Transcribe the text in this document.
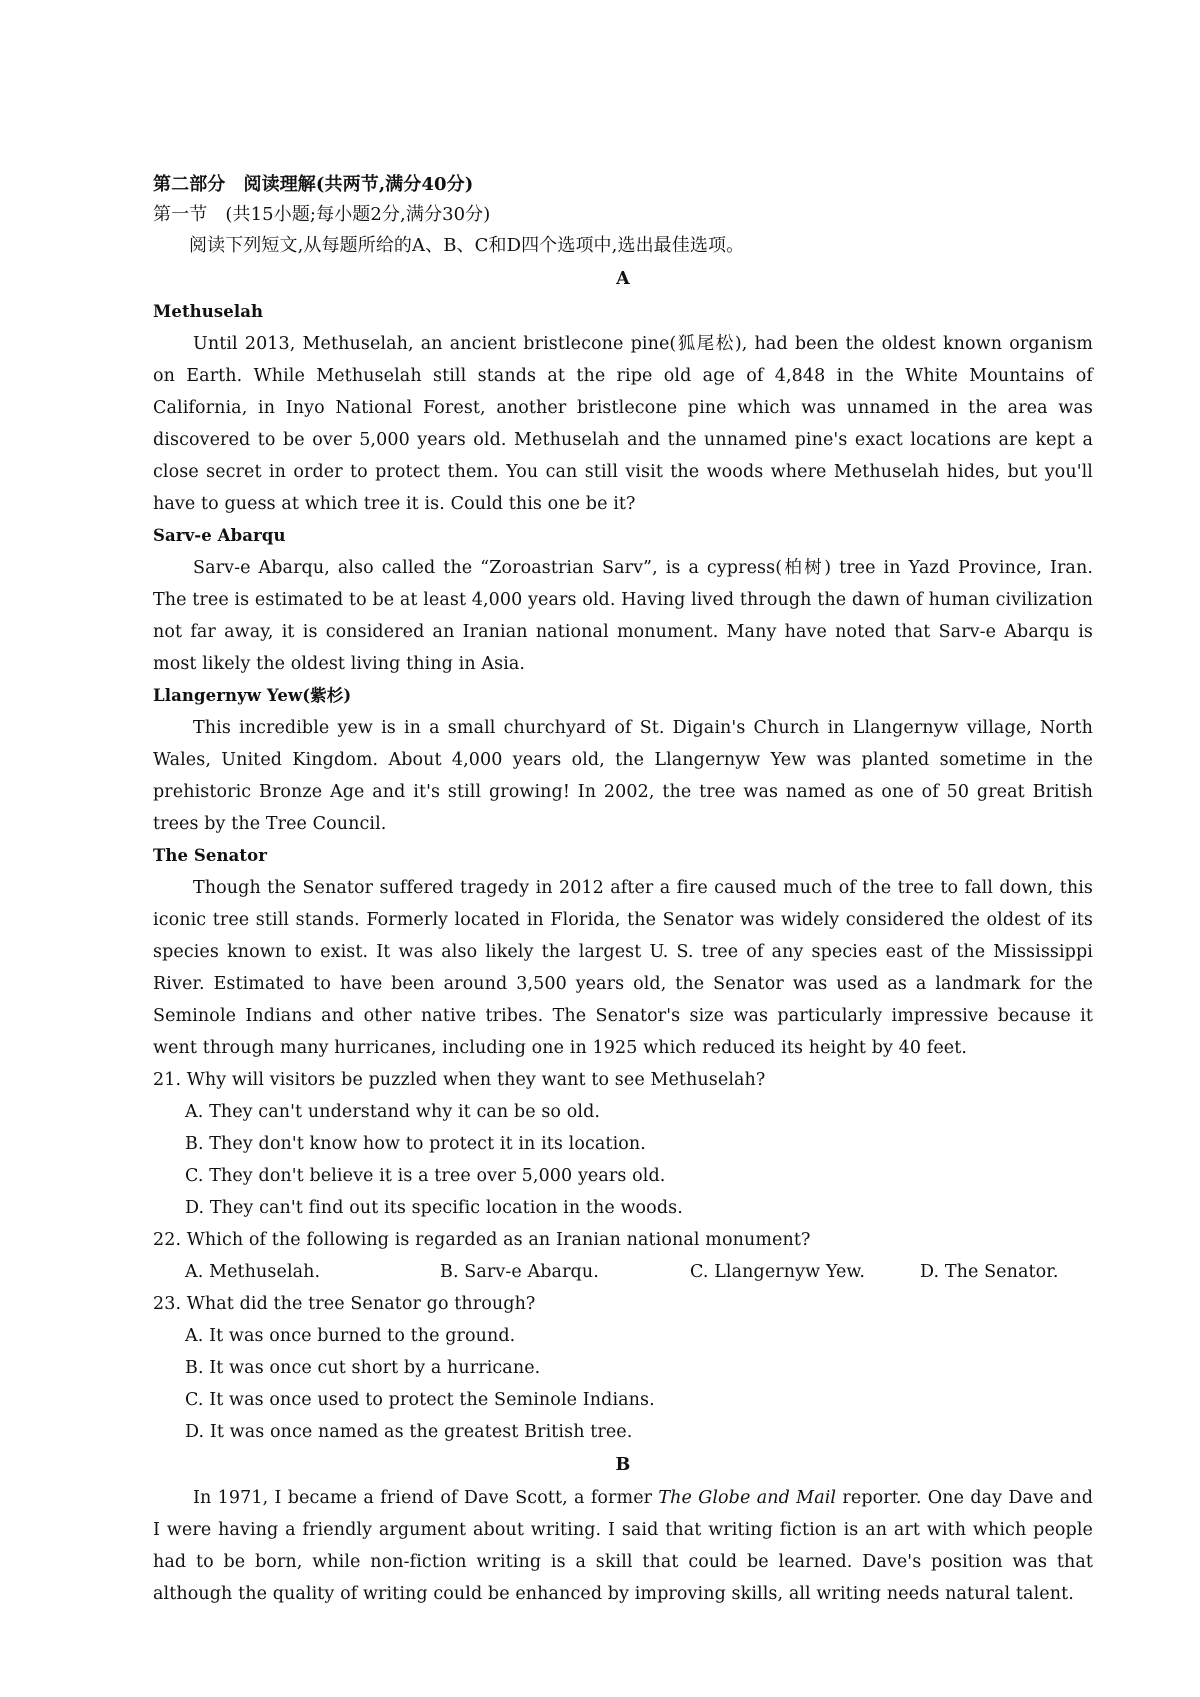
第二部分　阅读理解(共两节,满分40分)

第一节　(共15小题;每小题2分,满分30分)

阅读下列短文,从每题所给的A、B、C和D四个选项中,选出最佳选项。

A

Methuselah

Until 2013, Methuselah, an ancient bristlecone pine(狐尾松), had been the oldest known organism on Earth. While Methuselah still stands at the ripe old age of 4,848 in the White Mountains of California, in Inyo National Forest, another bristlecone pine which was unnamed in the area was discovered to be over 5,000 years old. Methuselah and the unnamed pine's exact locations are kept a close secret in order to protect them. You can still visit the woods where Methuselah hides, but you'll have to guess at which tree it is. Could this one be it?

Sarv-e Abarqu

Sarv-e Abarqu, also called the “Zoroastrian Sarv”, is a cypress(柏树) tree in Yazd Province, Iran. The tree is estimated to be at least 4,000 years old. Having lived through the dawn of human civilization not far away, it is considered an Iranian national monument. Many have noted that Sarv-e Abarqu is most likely the oldest living thing in Asia.

Llangernyw Yew(紫杉)

This incredible yew is in a small churchyard of St. Digain's Church in Llangernyw village, North Wales, United Kingdom. About 4,000 years old, the Llangernyw Yew was planted sometime in the prehistoric Bronze Age and it's still growing! In 2002, the tree was named as one of 50 great British trees by the Tree Council.

The Senator

Though the Senator suffered tragedy in 2012 after a fire caused much of the tree to fall down, this iconic tree still stands. Formerly located in Florida, the Senator was widely considered the oldest of its species known to exist. It was also likely the largest U. S. tree of any species east of the Mississippi River. Estimated to have been around 3,500 years old, the Senator was used as a landmark for the Seminole Indians and other native tribes. The Senator's size was particularly impressive because it went through many hurricanes, including one in 1925 which reduced its height by 40 feet.

21. Why will visitors be puzzled when they want to see Methuselah?

A. They can't understand why it can be so old.

B. They don't know how to protect it in its location.

C. They don't believe it is a tree over 5,000 years old.

D. They can't find out its specific location in the woods.

22. Which of the following is regarded as an Iranian national monument?

A. Methuselah.	B. Sarv-e Abarqu.	C. Llangernyw Yew.	D. The Senator.

23. What did the tree Senator go through?

A. It was once burned to the ground.

B. It was once cut short by a hurricane.

C. It was once used to protect the Seminole Indians.

D. It was once named as the greatest British tree.

B

In 1971, I became a friend of Dave Scott, a former The Globe and Mail reporter. One day Dave and I were having a friendly argument about writing. I said that writing fiction is an art with which people had to be born, while non-fiction writing is a skill that could be learned. Dave's position was that although the quality of writing could be enhanced by improving skills, all writing needs natural talent.
